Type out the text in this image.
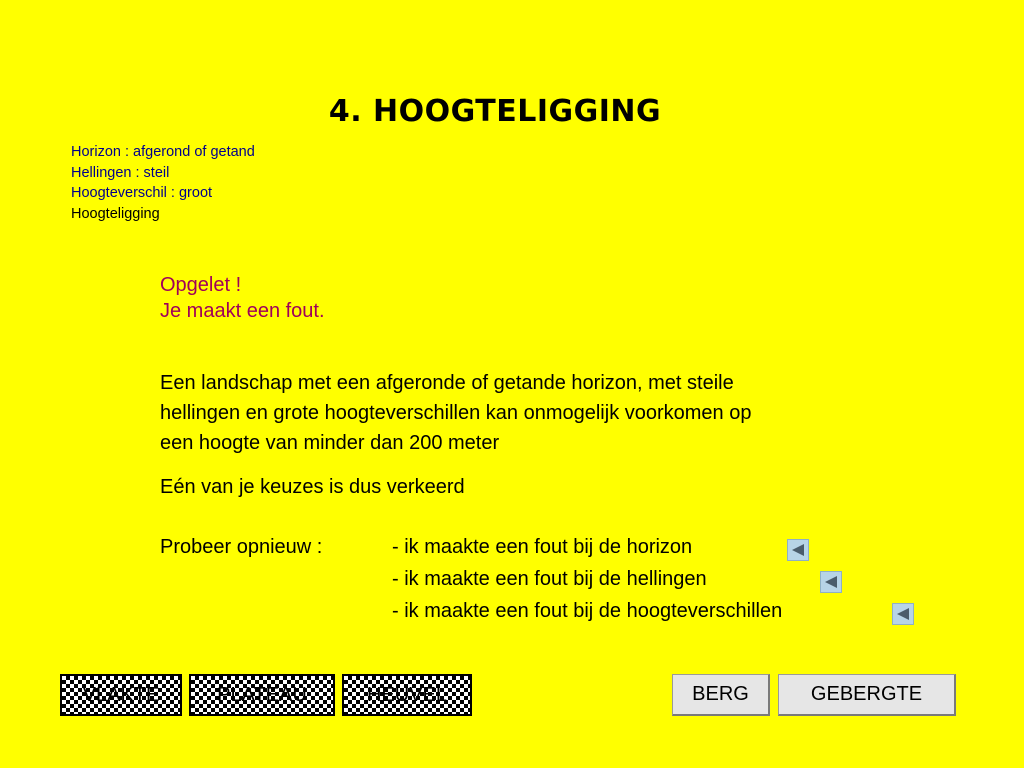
4. HOOGTELIGGING
Horizon : afgerond of getand
Hellingen : steil
Hoogteverschil : groot
Hoogteligging
Opgelet !
Je maakt een fout.
Een landschap met een afgeronde of getande horizon, met steile
hellingen en grote hoogteverschillen kan onmogelijk voorkomen op
een hoogte van minder dan 200 meter
Eén van je keuzes is dus verkeerd
Probeer opnieuw :	- ik maakte een fout bij de horizon
- ik maakte een fout bij de hellingen
- ik maakte een fout bij de hoogteverschillen
VLAKTE	PLATEAU	HEUVEL	BERG	GEBERGTE
